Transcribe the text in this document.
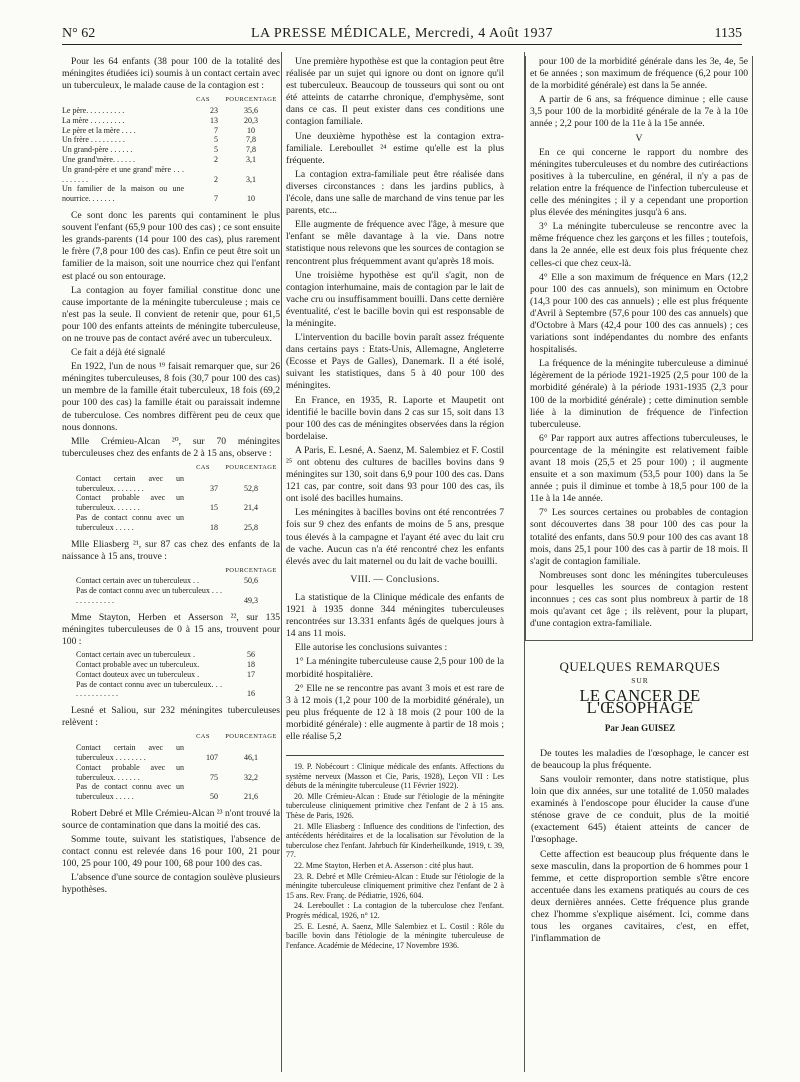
N° 62	LA PRESSE MÉDICALE, Mercredi, 4 Août 1937	1135

Pour les 64 enfants (38 pour 100 de la totalité des méningites étudiées ici) soumis à un contact certain avec un tuberculeux, le malade cause de la contagion est :

	CAS	POURCENTAGE
Le père. . . . . . . . . .	23	35,6
La mère . . . . . . . . .	13	20,3
Le père et la mère . . . .	7	10
Un frère . . . . . . . . .	5	7,8
Un grand-père . . . . . .	5	7,8
Une grand'mère. . . . . .	2	3,1
Un grand-père et une grand' mère . . . . . . . . . .	2	3,1
Un familier de la maison ou une nourrice. . . . . . .	7	10

Ce sont donc les parents qui contaminent le plus souvent l'enfant (65,9 pour 100 des cas) ; ce sont ensuite les grands-parents (14 pour 100 des cas), plus rarement le frère (7,8 pour 100 des cas). Enfin ce peut être soit un familier de la maison, soit une nourrice chez qui l'enfant est placé ou son entourage.

La contagion au foyer familial constitue donc une cause importante de la méningite tuberculeuse ; mais ce n'est pas la seule. Il convient de retenir que, pour 61,5 pour 100 des enfants atteints de méningite tuberculeuse, on ne trouve pas de contact avéré avec un tuberculeux.

Ce fait a déjà été signalé

En 1922, l'un de nous ¹⁹ faisait remarquer que, sur 26 méningites tuberculeuses, 8 fois (30,7 pour 100 des cas) un membre de la famille était tuberculeux, 18 fois (69,2 pour 100 des cas) la famille était ou paraissait indemne de tuberculose. Ces nombres diffèrent peu de ceux que nous donnons.

Mlle Crémieu-Alcan ²⁰, sur 70 méningites tuberculeuses chez des enfants de 2 à 15 ans, observe :

	CAS	POURCENTAGE
Contact certain avec un tuberculeux. . . . . . . .	37	52,8
Contact probable avec un tuberculeux. . . . . . .	15	21,4
Pas de contact connu avec un tuberculeux . . . . .	18	25,8

Mlle Eliasberg ²¹, sur 87 cas chez des enfants de la naissance à 15 ans, trouve :

	POURCENTAGE
Contact certain avec un tuberculeux . .	50,6
Pas de contact connu avec un tuberculeux . . . . . . . . . . . . .	49,3

Mme Stayton, Herben et Asserson ²², sur 135 méningites tuberculeuses de 0 à 15 ans, trouvent pour 100 :

Contact certain avec un tuberculeux .	56
Contact probable avec un tuberculeux.	18
Contact douteux avec un tuberculeux .	17
Pas de contact connu avec un tuberculeux. . . . . . . . . . . . . .	16

Lesné et Saliou, sur 232 méningites tuberculeuses relèvent :

	CAS	POURCENTAGE
Contact certain avec un tuberculeux . . . . . . . .	107	46,1
Contact probable avec un tuberculeux. . . . . . .	75	32,2
Pas de contact connu avec un tuberculeux . . . . .	50	21,6

Robert Debré et Mlle Crémieu-Alcan ²³ n'ont trouvé la source de contamination que dans la moitié des cas.

Somme toute, suivant les statistiques, l'absence de contact connu est relevée dans 16 pour 100, 21 pour 100, 25 pour 100, 49 pour 100, 68 pour 100 des cas.

L'absence d'une source de contagion soulève plusieurs hypothèses.

Une première hypothèse est que la contagion peut être réalisée par un sujet qui ignore ou dont on ignore qu'il est tuberculeux. Beaucoup de tousseurs qui sont ou ont été atteints de catarrhe chronique, d'emphysème, sont dans ce cas. Il peut exister dans ces conditions une contagion familiale.

Une deuxième hypothèse est la contagion extra-familiale. Lereboullet ²⁴ estime qu'elle est la plus fréquente.

La contagion extra-familiale peut être réalisée dans diverses circonstances : dans les jardins publics, à l'école, dans une salle de marchand de vins tenue par les parents, etc...

Elle augmente de fréquence avec l'âge, à mesure que l'enfant se mêle davantage à la vie. Dans notre statistique nous relevons que les sources de contagion se rencontrent plus fréquemment avant qu'après 18 mois.

Une troisième hypothèse est qu'il s'agit, non de contagion interhumaine, mais de contagion par le lait de vache cru ou insuffisamment bouilli. Dans cette dernière éventualité, c'est le bacille bovin qui est responsable de la méningite.

L'intervention du bacille bovin paraît assez fréquente dans certains pays : Etats-Unis, Allemagne, Angleterre (Ecosse et Pays de Galles), Danemark. Il a été isolé, suivant les statistiques, dans 5 à 40 pour 100 des méningites.

En France, en 1935, R. Laporte et Maupetit ont identifié le bacille bovin dans 2 cas sur 15, soit dans 13 pour 100 des cas de méningites observées dans la région bordelaise.

A Paris, E. Lesné, A. Saenz, M. Salembiez et F. Costil ²⁵ ont obtenu des cultures de bacilles bovins dans 9 méningites sur 130, soit dans 6,9 pour 100 des cas. Dans 121 cas, par contre, soit dans 93 pour 100 des cas, ils ont isolé des bacilles humains.

Les méningites à bacilles bovins ont été rencontrées 7 fois sur 9 chez des enfants de moins de 5 ans, presque tous élevés à la campagne et l'ayant été avec du lait cru de vache. Aucun cas n'a été rencontré chez les enfants élevés avec du lait maternel ou du lait de vache bouilli.

VIII. — Conclusions.

La statistique de la Clinique médicale des enfants de 1921 à 1935 donne 344 méningites tuberculeuses rencontrées sur 13.331 enfants âgés de quelques jours à 14 ans 11 mois.

Elle autorise les conclusions suivantes :

1° La méningite tuberculeuse cause 2,5 pour 100 de la morbidité hospitalière.

2° Elle ne se rencontre pas avant 3 mois et est rare de 3 à 12 mois (1,2 pour 100 de la morbidité générale), un peu plus fréquente de 12 à 18 mois (2 pour 100 de la morbidité générale) : elle augmente à partir de 18 mois ; elle réalise 5,2

19. P. Nobécourt : Clinique médicale des enfants. Affections du système nerveux (Masson et Cie, Paris, 1928), Leçon VII : Les débuts de la méningite tuberculeuse (11 Février 1922).

20. Mlle Crémieu-Alcan : Etude sur l'étiologie de la méningite tuberculeuse cliniquement primitive chez l'enfant de 2 à 15 ans. Thèse de Paris, 1926.

21. Mlle Eliasberg : Influence des conditions de l'infection, des antécédents héréditaires et de la localisation sur l'évolution de la tuberculose chez l'enfant. Jahrbuch für Kinderheilkunde, 1919, t. 39, 77.

22. Mme Stayton, Herben et A. Asserson : cité plus haut.

23. R. Debré et Mlle Crémieu-Alcan : Etude sur l'étiologie de la méningite tuberculeuse cliniquement primitive chez l'enfant de 2 à 15 ans. Rev. Franç. de Pédiatrie, 1926, 604.

24. Lereboullet : La contagion de la tuberculose chez l'enfant. Progrès médical, 1926, n° 12.

25. E. Lesné, A. Saenz, Mlle Salembiez et L. Costil : Rôle du bacille bovin dans l'étiologie de la méningite tuberculeuse de l'enfance. Académie de Médecine, 17 Novembre 1936.

pour 100 de la morbidité générale dans les 3e, 4e, 5e et 6e années ; son maximum de fréquence (6,2 pour 100 de la morbidité générale) est dans la 5e année.

A partir de 6 ans, sa fréquence diminue ; elle cause 3,5 pour 100 de la morbidité générale de la 7e à la 10e année ; 2,2 pour 100 de la 11e à la 15e année.

V

En ce qui concerne le rapport du nombre des méningites tuberculeuses et du nombre des cutiréactions positives à la tuberculine, en général, il n'y a pas de relation entre la fréquence de l'infection tuberculeuse et celle des méningites ; il y a cependant une proportion plus élevée des méningites jusqu'à 6 ans.

3° La méningite tuberculeuse se rencontre avec la même fréquence chez les garçons et les filles ; toutefois, dans la 2e année, elle est deux fois plus fréquente chez celles-ci que chez ceux-là.

4° Elle a son maximum de fréquence en Mars (12,2 pour 100 des cas annuels), son minimum en Octobre (14,3 pour 100 des cas annuels) ; elle est plus fréquente d'Avril à Septembre (57,6 pour 100 des cas annuels) que d'Octobre à Mars (42,4 pour 100 des cas annuels) ; ces variations sont indépendantes du nombre des enfants hospitalisés.

La fréquence de la méningite tuberculeuse a diminué légèrement de la période 1921-1925 (2,5 pour 100 de la morbidité générale) à la période 1931-1935 (2,3 pour 100 de la morbidité générale) ; cette diminution semble liée à la diminution de fréquence de l'infection tuberculeuse.

6° Par rapport aux autres affections tuberculeuses, le pourcentage de la méningite est relativement faible avant 18 mois (25,5 et 25 pour 100) ; il augmente ensuite et a son maximum (53,5 pour 100) dans la 5e année ; puis il diminue et tombe à 18,5 pour 100 de la 11e à la 14e année.

7° Les sources certaines ou probables de contagion sont découvertes dans 38 pour 100 des cas pour la totalité des enfants, dans 50.9 pour 100 des cas avant 18 mois, dans 25,1 pour 100 des cas à partir de 18 mois. Il s'agit de contagion familiale.

Nombreuses sont donc les méningites tuberculeuses pour lesquelles les sources de contagion restent inconnues ; ces cas sont plus nombreux à partir de 18 mois qu'avant cet âge ; ils relèvent, pour la plupart, d'une contagion extra-familiale.

QUELQUES REMARQUES
SUR
LE CANCER DE L'ŒSOPHAGE
Par Jean GUISEZ

De toutes les maladies de l'œsophage, le cancer est de beaucoup la plus fréquente.

Sans vouloir remonter, dans notre statistique, plus loin que dix années, sur une totalité de 1.050 malades examinés à l'endoscope pour élucider la cause d'une sténose grave de ce conduit, plus de la moitié (exactement 645) étaient atteints de cancer de l'œsophage.

Cette affection est beaucoup plus fréquente dans le sexe masculin, dans la proportion de 6 hommes pour 1 femme, et cette disproportion semble s'être encore accentuée dans les examens pratiqués au cours de ces deux dernières années. Cette fréquence plus grande chez l'homme s'explique aisément. Ici, comme dans tous les organes cavitaires, c'est, en effet, l'inflammation de
